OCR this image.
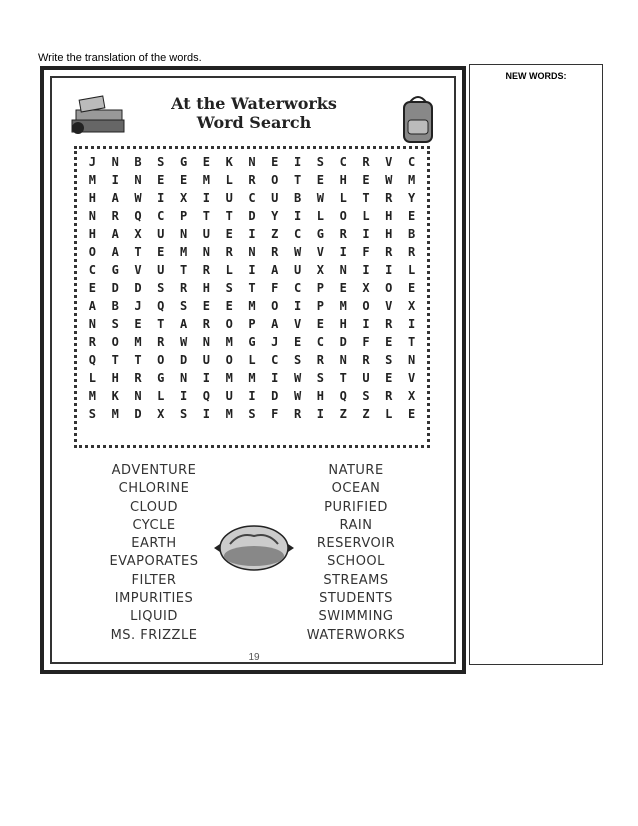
Write the translation of the words.
At the Waterworks
Word Search
J	N	B	S	G	E	K	N	E	I	S	C	R	V	C
M	I	N	E	E	M	L	R	O	T	E	H	E	W	M
H	A	W	I	X	I	U	C	U	B	W	L	T	R	Y
N	R	Q	C	P	T	T	D	Y	I	L	O	L	H	E
H	A	X	U	N	U	E	I	Z	C	G	R	I	H	B
O	A	T	E	M	N	R	N	R	W	V	I	F	R	R
C	G	V	U	T	R	L	I	A	U	X	N	I	I	L
E	D	D	S	R	H	S	T	F	C	P	E	X	O	E
A	B	J	Q	S	E	E	M	O	I	P	M	O	V	X
N	S	E	T	A	R	O	P	A	V	E	H	I	R	I
R	O	M	R	W	N	M	G	J	E	C	D	F	E	T
Q	T	T	O	D	U	O	L	C	S	R	N	R	S	N
L	H	R	G	N	I	M	M	I	W	S	T	U	E	V
M	K	N	L	I	Q	U	I	D	W	H	Q	S	R	X
S	M	D	X	S	I	M	S	F	R	I	Z	Z	L	E
ADVENTURE
CHLORINE
CLOUD
CYCLE
EARTH
EVAPORATES
FILTER
IMPURITIES
LIQUID
MS. FRIZZLE
NATURE
OCEAN
PURIFIED
RAIN
RESERVOIR
SCHOOL
STREAMS
STUDENTS
SWIMMING
WATERWORKS
19
NEW WORDS:
